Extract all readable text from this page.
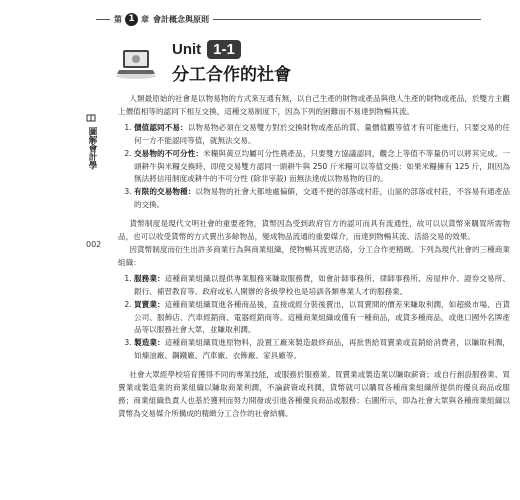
第 1 章 會計概念與原則
Unit 1-1
分工合作的社會
圖解會計學
002

人類最原始的社會是以物易物的方式來互通有無，以自己生產的財物或產品與他人生產的財物或產品，於雙方主觀上價值相等的認同下相互交換，這種交易制度下，因為下列的困難而不易達到物暢其流。

1. 價值認同不易：以物易物必須在交易雙方對於交換財物或產品的質、量價值觀等值才有可能進行，只要交易的任何一方不能認同等值，就無法交易。
2. 交易物的不可分性：米糧與黃豆均屬可分性農產品，只要雙方協議認同，觀念上等值不等量仍可以將其完成。一頭耕牛與米糧交換時，即使交易雙方認同一頭耕牛與 250 斤米糧可以等值交換：如果米糧擁有 125 斤，則因為無法將信用制度或耕牛的不可分性 (除非宰殺) 而無法達成以物易物的目的。
3. 有限的交易物種：以物易物的社會大都地處偏僻，交通不便的部落或村莊，山區的部落或村莊，不容易有通產品的交換。

貨幣制度是現代文明社會的重要產物，貨幣因為受到政府官方的認可而具有流通性，故可以以貨幣來購買所需物品，也可以收受貨幣的方式賣出多餘物品，變成物品流通的重要媒介，而達到物暢其流、活絡交易的效果。

因貨幣制度而衍生出許多商業行為與商業組織，使物暢其流更活絡，分工合作更精緻。下列為現代社會的三種商業組織：

1. 服務業：這種商業組織以提供專業服務來賺取服務費，如會計師事務所、律師事務所、房屋仲介、證券交易所、銀行、補習教育等。政府或私人開辦的各級學校也是培訓各類專業人才的服務業。
2. 買賣業：這種商業組織買進各種商品後，直接或經分裝後賣出，以買賣間的價差來賺取利潤，如超級市場、百貨公司、服飾店、汽車經銷商、電器經銷商等。這種商業組織或僅有一種商品，或貨多種商品，或進口國外名牌產品等以服務社會大眾，並賺取利潤。
3. 製造業：這種商業組織買進原物料，設置工廠來製造最終商品，再批售給買賣業或直銷給消費者，以賺取利潤，如煉油廠、鋼鐵廠、汽車廠、衣飾廠、家具廠等。

社會大眾經學校培育獲得不同的專業技能，或服務於服務業、買賣業或製造業以賺取薪資；或自行創設服務業、買賣業或製造業的商業組織以賺取商業利潤，不論薪資或利潤，貨幣就可以購買各種商業組織所提供的優良商品或服務；商業組織負責人也基於獲利而努力開發或引進各種優良商品或服務；右圖所示，即為社會大眾與各種商業組織以貨幣為交易媒介所構成的精緻分工合作的社會結構。
